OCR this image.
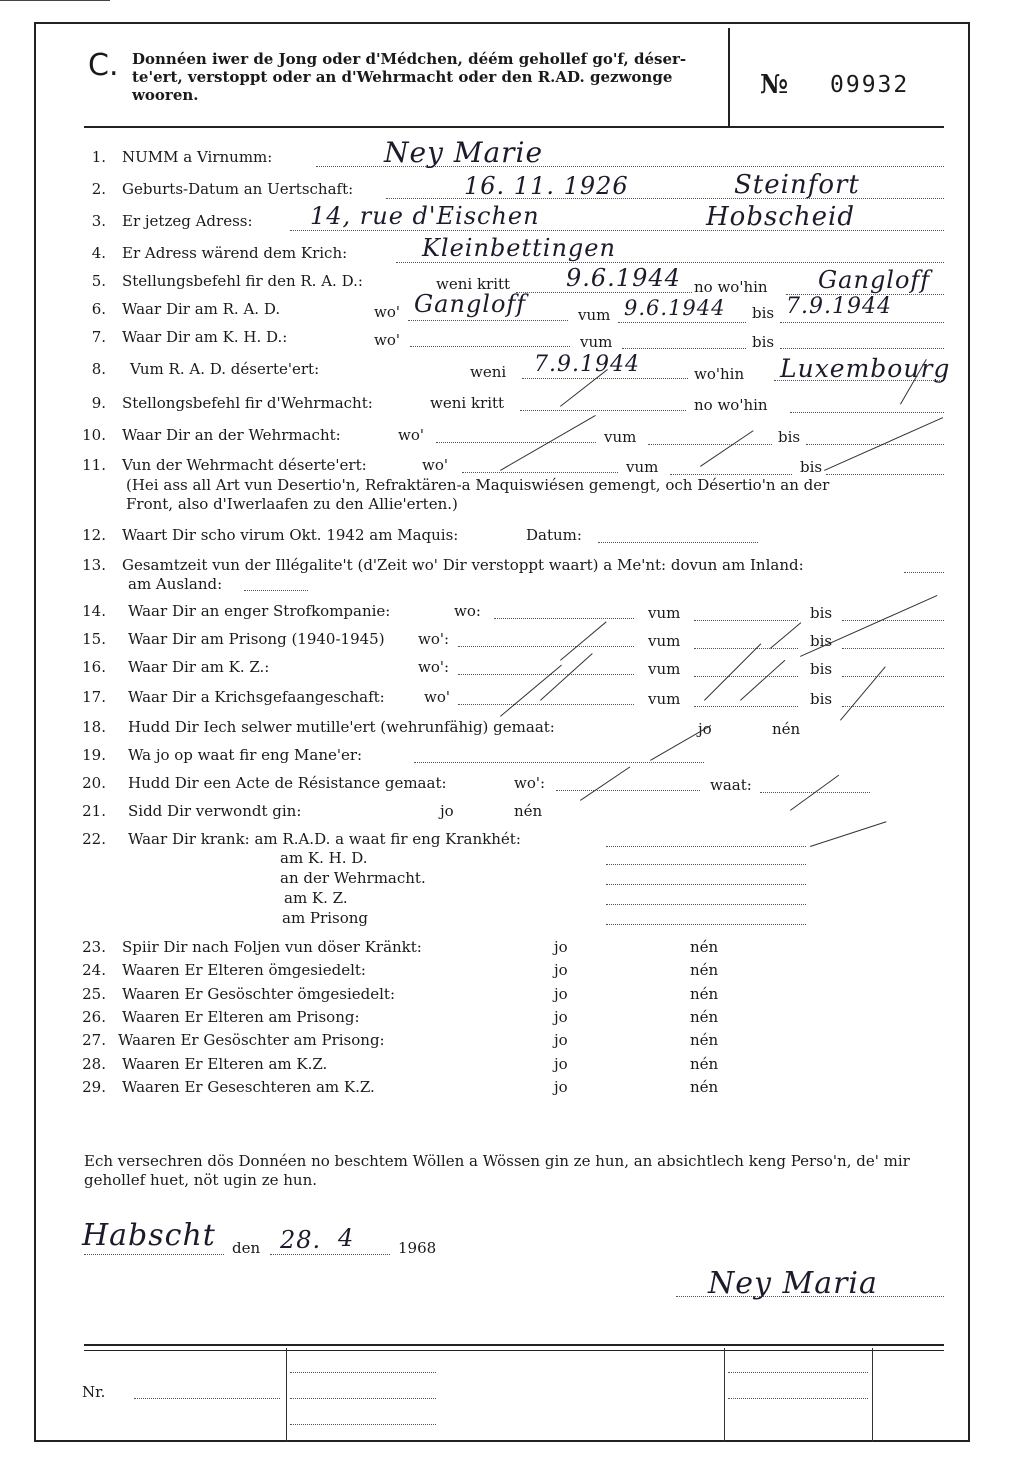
C. Donnéen iwer de Jong oder d'Médchen, déém gehollef go'f, déser-te'ert, verstoppt oder an d'Wehrmacht oder den R.AD. gezwonge wooren.	№ 09932
1. NUMM a Virnumm:	Ney Marie
2. Geburts-Datum an Uertschaft:	16. 11. 1926	Steinfort
3. Er jetzeg Adress: 14, rue d'Eischen	Hobscheid
4. Er Adress wärend dem Krich:	Kleinbettingen
5. Stellungsbefehl fir den R. A. D.:	weni kritt	no wo'hin
9.6.1944	Gangloff
6. Waar Dir am R. A. D.	wo'	vum	bis
Gangloff	9.6.1944	7.9.1944
7. Waar Dir am K. H. D.:	wo'	vum	bis
8. Vum R. A. D. déserte'ert:	weni	wo'hin
7.9.1944	Luxembourg
9. Stellongsbefehl fir d'Wehrmacht:	weni kritt	no wo'hin
10. Waar Dir an der Wehrmacht:	wo'	vum	bis
11. Vun der Wehrmacht déserte'ert:	wo'	vum	bis
(Hei ass all Art vun Desertio'n, Refraktären-a Maquiswiésen gemengt, och Désertio'n an der
Front, also d'Iwerlaafen zu den Allie'erten.)
12. Waart Dir scho virum Okt. 1942 am Maquis:	Datum:
13. Gesamtzeit vun der Illégalite't (d'Zeit wo' Dir verstoppt waart) a Me'nt: dovun am Inland:
am Ausland:
14. Waar Dir an enger Strofkompanie:	wo:	vum	bis
15. Waar Dir am Prisong (1940-1945) wo':	vum	bis
16. Waar Dir am K. Z.:	wo':	vum	bis
17. Waar Dir a Krichsgefaangeschaft:	wo'	vum	bis
18. Hudd Dir Iech selwer mutille'ert (wehrunfähig) gemaat:	jo	nén
19. Wa jo op waat fir eng Mane'er:
20. Hudd Dir een Acte de Résistance gemaat:	wo':	waat:
21. Sidd Dir verwondt gin:	jo	nén
22. Waar Dir krank: am R.A.D. a waat fir eng Krankhét:
am K. H. D.
an der Wehrmacht.
am K. Z.
am Prisong
23. Spiir Dir nach Foljen vun döser Kränkt:	jo	nén
24. Waaren Er Elteren ömgesiedelt:	jo	nén
25. Waaren Er Gesöschter ömgesiedelt:	jo	nén
26. Waaren Er Elteren am Prisong:	jo	nén
27. Waaren Er Gesöschter am Prisong:	jo	nén
28. Waaren Er Elteren am K.Z.	jo	nén
29. Waaren Er Geseschteren am K.Z.	jo	nén
Ech versechren dös Donnéen no beschtem Wöllen a Wössen gin ze hun, an absichtlech keng Perso'n, de' mir gehollef huet, nöt ugin ze hun.
Habscht den 28. 4	1968
Ney Maria
Nr.
